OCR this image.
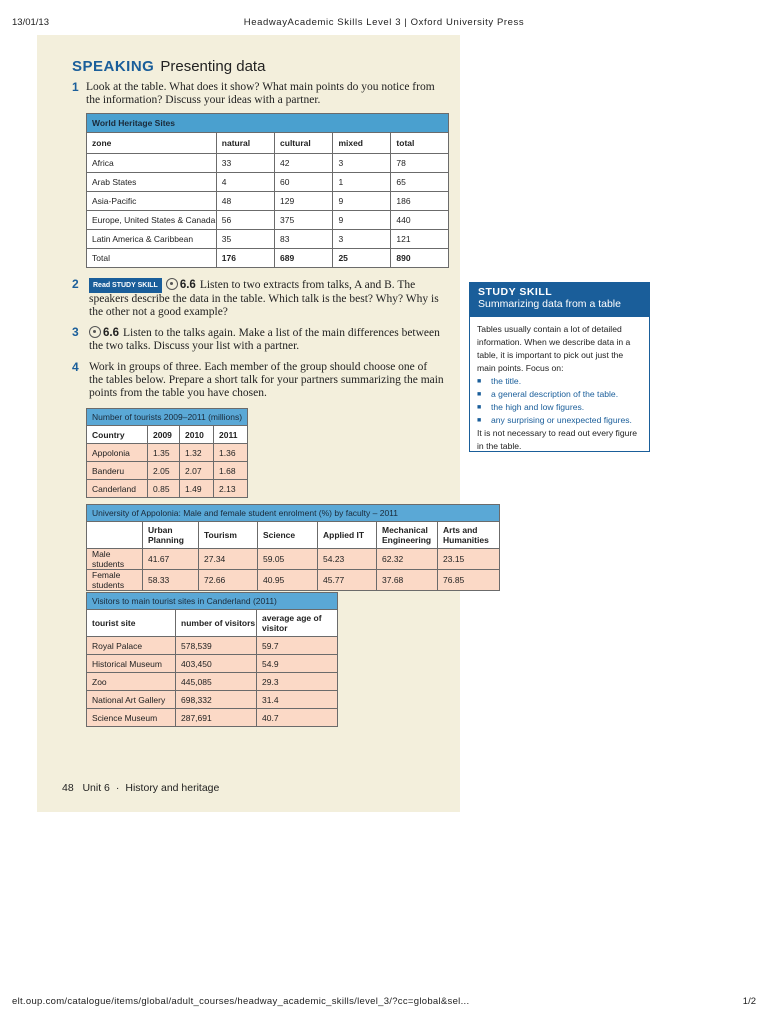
13/01/13	HeadwayAcademic Skills Level 3 | Oxford University Press
SPEAKING Presenting data
1 Look at the table. What does it show? What main points do you notice from the information? Discuss your ideas with a partner.
World Heritage Sites				
zone	natural	cultural	mixed	total
Africa	33	42	3	78
Arab States	4	60	1	65
Asia-Pacific	48	129	9	186
Europe, United States & Canada	56	375	9	440
Latin America & Caribbean	35	83	3	121
Total	176	689	25	890
2	Read STUDY SKILL 6.6 Listen to two extracts from talks, A and B. The speakers describe the data in the table. Which talk is the best? Why? Why is the other not a good example?
3	6.6 Listen to the talks again. Make a list of the main differences between the two talks. Discuss your list with a partner.
4 Work in groups of three. Each member of the group should choose one of the tables below. Prepare a short talk for your partners summarizing the main points from the table you have chosen.
Number of tourists 2009–2011 (millions)			
Country	2009	2010	2011
Appolonia	1.35	1.32	1.36
Banderu	2.05	2.07	1.68
Canderland	0.85	1.49	2.13
University of Appolonia: Male and female student enrolment (%) by faculty – 2011						
	Urban Planning	Tourism	Science	Applied IT	Mechanical Engineering	Arts and Humanities
Male students	41.67	27.34	59.05	54.23	62.32	23.15
Female students	58.33	72.66	40.95	45.77	37.68	76.85
Visitors to main tourist sites in Canderland (2011)		
tourist site	number of visitors	average age of visitor
Royal Palace	578,539	59.7
Historical Museum	403,450	54.9
Zoo	445,085	29.3
National Art Gallery	698,332	31.4
Science Museum	287,691	40.7
STUDY SKILL
Summarizing data from a table
Tables usually contain a lot of detailed information. When we describe data in a table, it is important to pick out just the main points. Focus on:
■ the title.
■ a general description of the table.
■ the high and low figures.
■ any surprising or unexpected figures.
It is not necessary to read out every figure in the table.
48 Unit 6 · History and heritage
elt.oup.com/catalogue/items/global/adult_courses/headway_academic_skills/level_3/?cc=global&sel...	1/2
